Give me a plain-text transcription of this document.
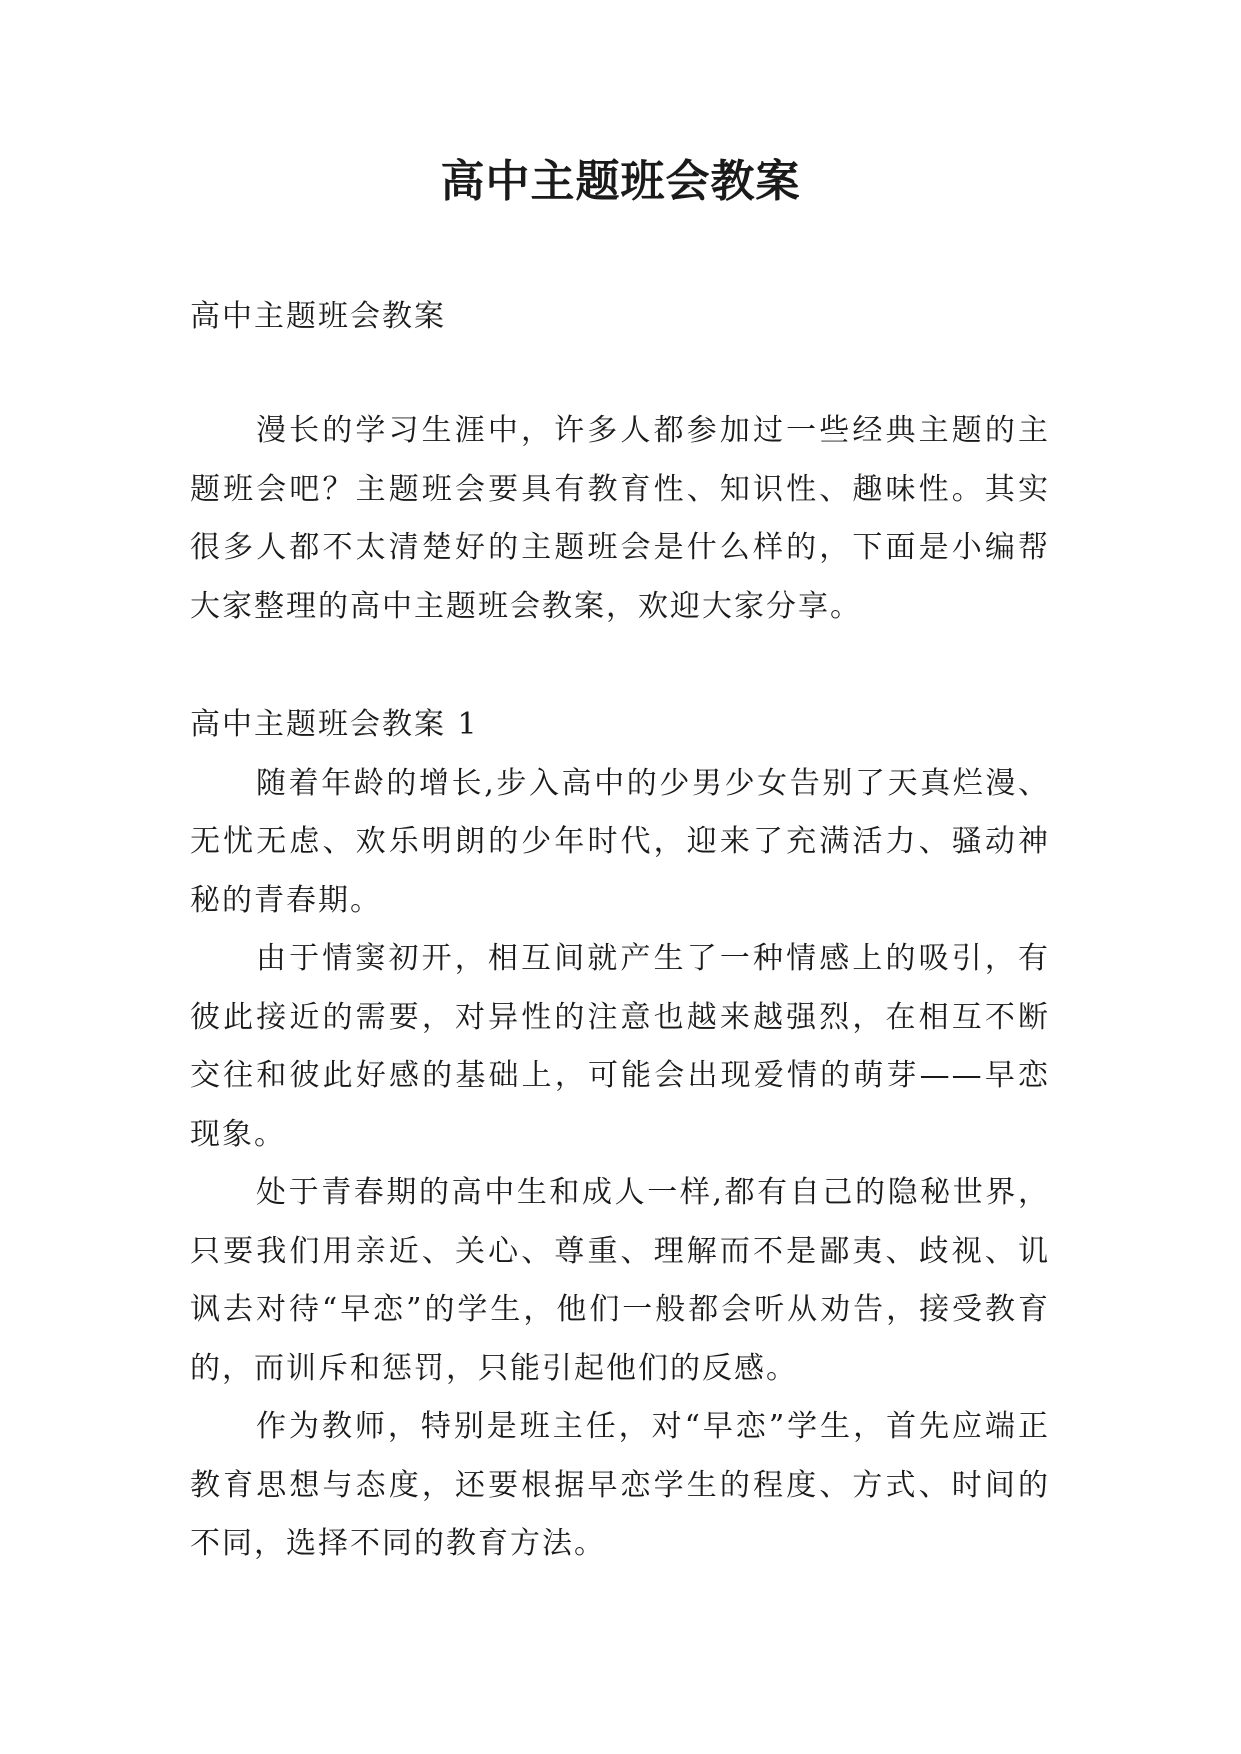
高中主题班会教案

高中主题班会教案

漫长的学习生涯中，许多人都参加过一些经典主题的主题班会吧？主题班会要具有教育性、知识性、趣味性。其实很多人都不太清楚好的主题班会是什么样的，下面是小编帮大家整理的高中主题班会教案，欢迎大家分享。

高中主题班会教案 1

随着年龄的增长,步入高中的少男少女告别了天真烂漫、无忧无虑、欢乐明朗的少年时代，迎来了充满活力、骚动神秘的青春期。

由于情窦初开，相互间就产生了一种情感上的吸引，有彼此接近的需要，对异性的注意也越来越强烈，在相互不断交往和彼此好感的基础上，可能会出现爱情的萌芽——早恋现象。

处于青春期的高中生和成人一样,都有自己的隐秘世界，只要我们用亲近、关心、尊重、理解而不是鄙夷、歧视、讥讽去对待“早恋”的学生，他们一般都会听从劝告，接受教育的，而训斥和惩罚，只能引起他们的反感。

作为教师，特别是班主任，对“早恋”学生，首先应端正教育思想与态度，还要根据早恋学生的程度、方式、时间的不同，选择不同的教育方法。
